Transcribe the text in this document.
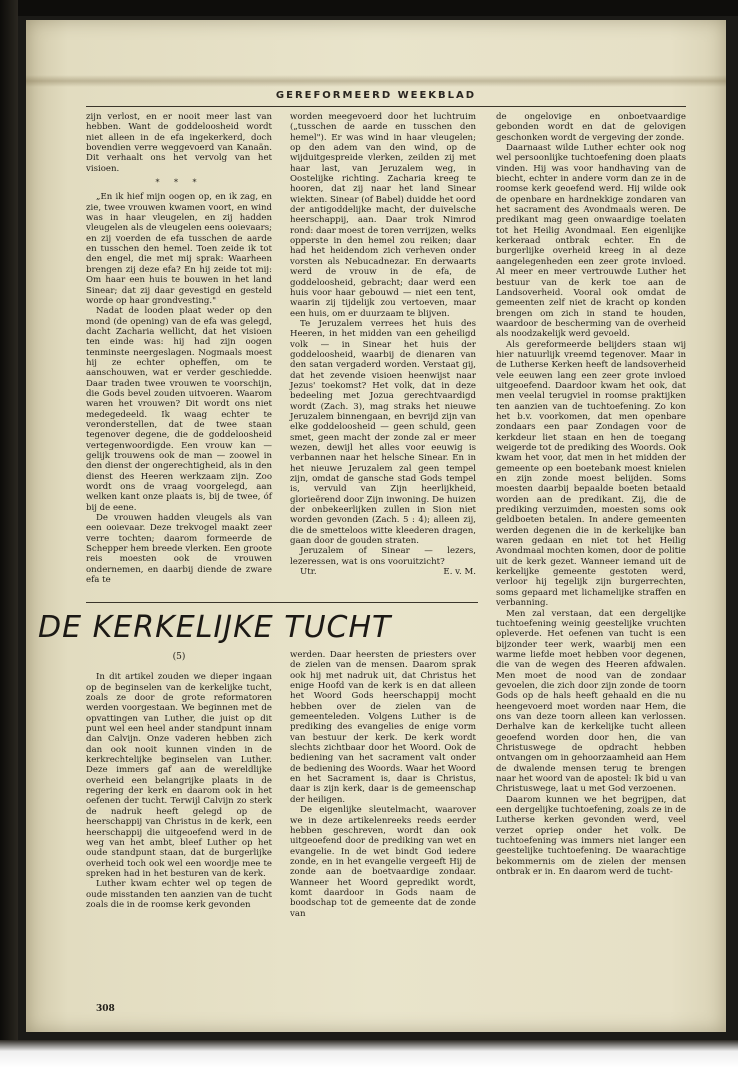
GEREFORMEERD WEEKBLAD

zijn verlost, en er nooit meer last van hebben. Want de goddeloosheid wordt niet alleen in de efa ingekerkerd, doch bovendien verre weggevoerd van Kanaän. Dit verhaalt ons het vervolg van het visioen.

* * *

„En ik hief mijn oogen op, en ik zag, en zie, twee vrouwen kwamen voort, en wind was in haar vleugelen, en zij hadden vleugelen als de vleugelen eens ooievaars; en zij voerden de efa tusschen de aarde en tusschen den hemel. Toen zeide ik tot den engel, die met mij sprak: Waarheen brengen zij deze efa? En hij zeide tot mij: Om haar een huis te bouwen in het land Sinear; dat zij daar gevestigd en gesteld worde op haar grondvesting."

Nadat de looden plaat weder op den mond (de opening) van de efa was gelegd, dacht Zacharia wellicht, dat het visioen ten einde was: hij had zijn oogen tenminste neergeslagen. Nogmaals moest hij ze echter opheffen, om te aanschouwen, wat er verder geschiedde. Daar traden twee vrouwen te voorschijn, die Gods bevel zouden uitvoeren. Waarom waren het vrouwen? Dit wordt ons niet medegedeeld. Ik waag echter te veronderstellen, dat de twee staan tegenover degene, die de goddeloosheid vertegenwoordigde. Een vrouw kan — gelijk trouwens ook de man — zoowel in den dienst der ongerechtigheid, als in den dienst des Heeren werkzaam zijn. Zoo wordt ons de vraag voorgelegd, aan welken kant onze plaats is, bij de twee, óf bij de eene.

De vrouwen hadden vleugels als van een ooievaar. Deze trekvogel maakt zeer verre tochten; daarom formeerde de Schepper hem breede vlerken. Een groote reis moesten ook de vrouwen ondernemen, en daarbij diende de zware efa te

worden meegevoerd door het luchtruim („tusschen de aarde en tusschen den hemel"). Er was wind in haar vleugelen; op den adem van den wind, op de wijduitgespreide vlerken, zeilden zij met haar last, van Jeruzalem weg, in Oostelijke richting. Zacharia kreeg te hooren, dat zij naar het land Sinear wiekten. Sinear (of Babel) duidde het oord der antigoddelijke macht, der duivelsche heerschappij, aan. Daar trok Nimrod rond: daar moest de toren verrijzen, welks opperste in den hemel zou reiken; daar had het heidendom zich verheven onder vorsten als Nebucadnezar. En derwaarts werd de vrouw in de efa, de goddeloosheid, gebracht; daar werd een huis voor haar gebouwd — niet een tent, waarin zij tijdelijk zou vertoeven, maar een huis, om er duurzaam te blijven.

Te Jeruzalem verrees het huis des Heeren, in het midden van een geheiligd volk — in Sinear het huis der goddeloosheid, waarbij de dienaren van den satan vergaderd worden. Verstaat gij, dat het zevende visioen heenwijst naar Jezus' toekomst? Het volk, dat in deze bedeeling met Jozua gerechtvaardigd wordt (Zach. 3), mag straks het nieuwe Jeruzalem binnengaan, en bevrijd zijn van elke goddeloosheid — geen schuld, geen smet, geen macht der zonde zal er meer wezen, dewijl het alles voor eeuwig is verbannen naar het helsche Sinear. En in het nieuwe Jeruzalem zal geen tempel zijn, omdat de gansche stad Gods tempel is, vervuld van Zijn heerlijkheid, glorieërend door Zijn inwoning. De huizen der onbekeerlijken zullen in Sion niet worden gevonden (Zach. 5 : 4); alleen zij, die de smetteloos witte kleederen dragen, gaan door de gouden straten.

Jeruzalem of Sinear — lezers, lezeressen, wat is ons vooruitzicht?

Utr.	E. v. M.

DE KERKELIJKE TUCHT

(5)

In dit artikel zouden we dieper ingaan op de beginselen van de kerkelijke tucht, zoals ze door de grote reformatoren werden voorgestaan. We beginnen met de opvattingen van Luther, die juist op dit punt wel een heel ander standpunt innam dan Calvijn. Onze vaderen hebben zich dan ook nooit kunnen vinden in de kerkrechtelijke beginselen van Luther. Deze immers gaf aan de wereldlijke overheid een belangrijke plaats in de regering der kerk en daarom ook in het oefenen der tucht. Terwijl Calvijn zo sterk de nadruk heeft gelegd op de heerschappij van Christus in de kerk, een heerschappij die uitgeoefend werd in de weg van het ambt, bleef Luther op het oude standpunt staan, dat de burgerlijke overheid toch ook wel een woordje mee te spreken had in het besturen van de kerk.

Luther kwam echter wel op tegen de oude misstanden ten aanzien van de tucht zoals die in de roomse kerk gevonden

werden. Daar heersten de priesters over de zielen van de mensen. Daarom sprak ook hij met nadruk uit, dat Christus het enige Hoofd van de kerk is en dat alleen het Woord Gods heerschappij mocht hebben over de zielen van de gemeenteleden. Volgens Luther is de prediking des evangelies de enige vorm van bestuur der kerk. De kerk wordt slechts zichtbaar door het Woord. Ook de bediening van het sacrament valt onder de bediening des Woords. Waar het Woord en het Sacrament is, daar is Christus, daar is zijn kerk, daar is de gemeenschap der heiligen.

De eigenlijke sleutelmacht, waarover we in deze artikelenreeks reeds eerder hebben geschreven, wordt dan ook uitgeoefend door de prediking van wet en evangelie. In de wet bindt God iedere zonde, en in het evangelie vergeeft Hij de zonde aan de boetvaardige zondaar. Wanneer het Woord gepredikt wordt, komt daardoor in Gods naam de boodschap tot de gemeente dat de zonde van

de ongelovige en onboetvaardige gebonden wordt en dat de gelovigen geschonken wordt de vergeving der zonde.

Daarnaast wilde Luther echter ook nog wel persoonlijke tuchtoefening doen plaats vinden. Hij was voor handhaving van de biecht, echter in andere vorm dan ze in de roomse kerk geoefend werd. Hij wilde ook de openbare en hardnekkige zondaren van het sacrament des Avondmaals weren. De predikant mag geen onwaardige toelaten tot het Heilig Avondmaal. Een eigenlijke kerkeraad ontbrak echter. En de burgerlijke overheid kreeg in al deze aangelegenheden een zeer grote invloed. Al meer en meer vertrouwde Luther het bestuur van de kerk toe aan de Landsoverheid. Vooral ook omdat de gemeenten zelf niet de kracht op konden brengen om zich in stand te houden, waardoor de bescherming van de overheid als noodzakelijk werd gevoeld.

Als gereformeerde belijders staan wij hier natuurlijk vreemd tegenover. Maar in de Lutherse Kerken heeft de landsoverheid vele eeuwen lang een zeer grote invloed uitgeoefend. Daardoor kwam het ook, dat men veelal terugviel in roomse praktijken ten aanzien van de tuchtoefening. Zo kon het b.v. voorkomen, dat men openbare zondaars een paar Zondagen voor de kerkdeur liet staan en hen de toegang weigerde tot de prediking des Woords. Ook kwam het voor, dat men in het midden der gemeente op een boetebank moest knielen en zijn zonde moest belijden. Soms moesten daarbij bepaalde boeten betaald worden aan de predikant. Zij, die de prediking verzuimden, moesten soms ook geldboeten betalen. In andere gemeenten werden degenen die in de kerkelijke ban waren gedaan en niet tot het Heilig Avondmaal mochten komen, door de politie uit de kerk gezet. Wanneer iemand uit de kerkelijke gemeente gestoten werd, verloor hij tegelijk zijn burgerrechten, soms gepaard met lichamelijke straffen en verbanning.

Men zal verstaan, dat een dergelijke tuchtoefening weinig geestelijke vruchten opleverde. Het oefenen van tucht is een bijzonder teer werk, waarbij men een warme liefde moet hebben voor degenen, die van de wegen des Heeren afdwalen. Men moet de nood van de zondaar gevoelen, die zich door zijn zonde de toorn Gods op de hals heeft gehaald en die nu heengevoerd moet worden naar Hem, die ons van deze toorn alleen kan verlossen. Derhalve kan de kerkelijke tucht alleen geoefend worden door hen, die van Christuswege de opdracht hebben ontvangen om in gehoorzaamheid aan Hem de dwalende mensen terug te brengen naar het woord van de apostel: Ik bid u van Christuswege, laat u met God verzoenen.

Daarom kunnen we het begrijpen, dat een dergelijke tuchtoefening, zoals ze in de Lutherse kerken gevonden werd, veel verzet opriep onder het volk. De tuchtoefening was immers niet langer een geestelijke tuchtoefening. De waarachtige bekommernis om de zielen der mensen ontbrak er in. En daarom werd de tucht-

308
